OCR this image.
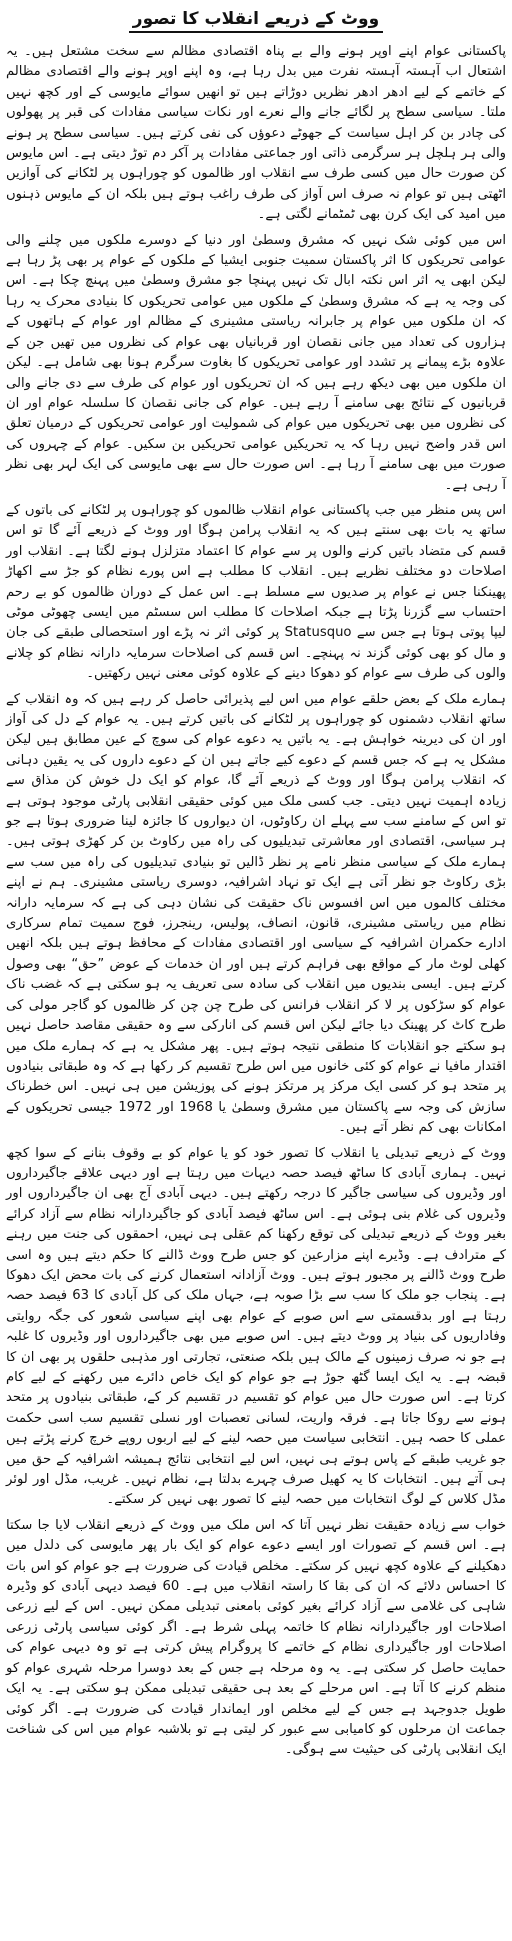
ووٹ کے ذریعے انقلاب کا تصور

پاکستانی عوام اپنے اوپر ہونے والے بے پناہ اقتصادی مظالم سے سخت مشتعل ہیں۔ یہ اشتعال اب آہستہ آہستہ نفرت میں بدل رہا ہے، وہ اپنے اوپر ہونے والے اقتصادی مظالم کے خاتمے کے لیے ادھر ادھر نظریں دوڑاتے ہیں تو انھیں سوائے مایوسی کے اور کچھ نہیں ملتا۔ سیاسی سطح پر لگائے جانے والے نعرے اور نکات سیاسی مفادات کی قبر پر پھولوں کی چادر بن کر اہل سیاست کے جھوٹے دعوؤں کی نفی کرتے ہیں۔ سیاسی سطح پر ہونے والی ہر ہلچل ہر سرگرمی ذاتی اور جماعتی مفادات پر آکر دم توڑ دیتی ہے۔ اس مایوس کن صورت حال میں کسی طرف سے انقلاب اور ظالموں کو چوراہوں پر لٹکانے کی آوازیں اٹھتی ہیں تو عوام نہ صرف اس آواز کی طرف راغب ہوتے ہیں بلکہ ان کے مایوس ذہنوں میں امید کی ایک کرن بھی ٹمٹمانے لگتی ہے۔

اس میں کوئی شک نہیں کہ مشرق وسطیٰ اور دنیا کے دوسرے ملکوں میں چلنے والی عوامی تحریکوں کا اثر پاکستان سمیت جنوبی ایشیا کے ملکوں کے عوام پر بھی پڑ رہا ہے لیکن ابھی یہ اثر اس نکتہ ابال تک نہیں پہنچا جو مشرق وسطیٰ میں پہنچ چکا ہے۔ اس کی وجہ یہ ہے کہ مشرق وسطیٰ کے ملکوں میں عوامی تحریکوں کا بنیادی محرک یہ رہا کہ ان ملکوں میں عوام پر جابرانہ ریاستی مشینری کے مظالم اور عوام کے ہاتھوں کے ہزاروں کی تعداد میں جانی نقصان اور قربانیاں بھی عوام کی نظروں میں تھیں جن کے علاوہ بڑے پیمانے پر تشدد اور عوامی تحریکوں کا بغاوت سرگرم ہونا بھی شامل ہے۔ لیکن ان ملکوں میں بھی دیکھ رہے ہیں کہ ان تحریکوں اور عوام کی طرف سے دی جانے والی قربانیوں کے نتائج بھی سامنے آ رہے ہیں۔ عوام کی جانی نقصان کا سلسلہ عوام اور ان کی نظروں میں بھی تحریکوں میں عوام کی شمولیت اور عوامی تحریکوں کے درمیان تعلق اس قدر واضح نہیں رہا کہ یہ تحریکیں عوامی تحریکیں بن سکیں۔ عوام کے چہروں کی صورت میں بھی سامنے آ رہا ہے۔ اس صورت حال سے بھی مایوسی کی ایک لہر بھی نظر آ رہی ہے۔

اس پس منظر میں جب پاکستانی عوام انقلاب ظالموں کو چوراہوں پر لٹکانے کی باتوں کے ساتھ یہ بات بھی سنتے ہیں کہ یہ انقلاب پرامن ہوگا اور ووٹ کے ذریعے آئے گا تو اس قسم کی متضاد باتیں کرنے والوں پر سے عوام کا اعتماد متزلزل ہونے لگتا ہے۔ انقلاب اور اصلاحات دو مختلف نظریے ہیں۔ انقلاب کا مطلب ہے اس پورے نظام کو جڑ سے اکھاڑ پھینکنا جس نے عوام پر صدیوں سے مسلط ہے۔ اس عمل کے دوران ظالموں کو بے رحم احتساب سے گزرنا پڑتا ہے جبکہ اصلاحات کا مطلب اس سسٹم میں ایسی چھوٹی موٹی لیپا پوتی ہوتا ہے جس سے Statusquo پر کوئی اثر نہ پڑے اور استحصالی طبقے کی جان و مال کو بھی کوئی گزند نہ پہنچے۔ اس قسم کی اصلاحات سرمایہ دارانہ نظام کو چلانے والوں کی طرف سے عوام کو دھوکا دینے کے علاوہ کوئی معنی نہیں رکھتیں۔

ہمارے ملک کے بعض حلقے عوام میں اس لیے پذیرائی حاصل کر رہے ہیں کہ وہ انقلاب کے ساتھ انقلاب دشمنوں کو چوراہوں پر لٹکانے کی باتیں کرتے ہیں۔ یہ عوام کے دل کی آواز اور ان کی دیرینہ خواہش ہے۔ یہ باتیں یہ دعوے عوام کی سوچ کے عین مطابق ہیں لیکن مشکل یہ ہے کہ جس قسم کے دعوے کیے جاتے ہیں ان کے دعوے داروں کی یہ یقین دہانی کہ انقلاب پرامن ہوگا اور ووٹ کے ذریعے آئے گا، عوام کو ایک دل خوش کن مذاق سے زیادہ اہمیت نہیں دیتی۔ جب کسی ملک میں کوئی حقیقی انقلابی پارٹی موجود ہوتی ہے تو اس کے سامنے سب سے پہلے ان رکاوٹوں، ان دیواروں کا جائزہ لینا ضروری ہوتا ہے جو ہر سیاسی، اقتصادی اور معاشرتی تبدیلیوں کی راہ میں رکاوٹ بن کر کھڑی ہوتی ہیں۔ ہمارے ملک کے سیاسی منظر نامے پر نظر ڈالیں تو بنیادی تبدیلیوں کی راہ میں سب سے بڑی رکاوٹ جو نظر آتی ہے ایک تو نہاد اشرافیہ، دوسری ریاستی مشینری۔ ہم نے اپنے مختلف کالموں میں اس افسوس ناک حقیقت کی نشان دہی کی ہے کہ سرمایہ دارانہ نظام میں ریاستی مشینری، قانون، انصاف، پولیس، رینجرز، فوج سمیت تمام سرکاری ادارے حکمران اشرافیہ کے سیاسی اور اقتصادی مفادات کے محافظ ہوتے ہیں بلکہ انھیں کھلی لوٹ مار کے مواقع بھی فراہم کرتے ہیں اور ان خدمات کے عوض ”حق“ بھی وصول کرتے ہیں۔ ایسی بندیوں میں انقلاب کی سادہ سی تعریف یہ ہو سکتی ہے کہ غضب ناک عوام کو سڑکوں پر لا کر انقلاب فرانس کی طرح چن چن کر ظالموں کو گاجر مولی کی طرح کاٹ کر پھینک دیا جائے لیکن اس قسم کی انارکی سے وہ حقیقی مقاصد حاصل نہیں ہو سکتے جو انقلابات کا منطقی نتیجہ ہوتے ہیں۔ پھر مشکل یہ ہے کہ ہمارے ملک میں اقتدار مافیا نے عوام کو کئی خانوں میں اس طرح تقسیم کر رکھا ہے کہ وہ طبقاتی بنیادوں پر متحد ہو کر کسی ایک مرکز پر مرتکز ہونے کی پوزیشن میں ہی نہیں۔ اس خطرناک سازش کی وجہ سے پاکستان میں مشرق وسطیٰ یا 1968 اور 1972 جیسی تحریکوں کے امکانات بھی کم نظر آتے ہیں۔

ووٹ کے ذریعے تبدیلی یا انقلاب کا تصور خود کو یا عوام کو بے وقوف بنانے کے سوا کچھ نہیں۔ ہماری آبادی کا ساٹھ فیصد حصہ دیہات میں رہتا ہے اور دیہی علاقے جاگیرداروں اور وڈیروں کی سیاسی جاگیر کا درجہ رکھتے ہیں۔ دیہی آبادی آج بھی ان جاگیرداروں اور وڈیروں کی غلام بنی ہوئی ہے۔ اس ساٹھ فیصد آبادی کو جاگیردارانہ نظام سے آزاد کرائے بغیر ووٹ کے ذریعے تبدیلی کی توقع رکھنا کم عقلی ہی نہیں، احمقوں کی جنت میں رہنے کے مترادف ہے۔ وڈیرے اپنے مزارعین کو جس طرح ووٹ ڈالنے کا حکم دیتے ہیں وہ اسی طرح ووٹ ڈالنے پر مجبور ہوتے ہیں۔ ووٹ آزادانہ استعمال کرنے کی بات محض ایک دھوکا ہے۔ پنجاب جو ملک کا سب سے بڑا صوبہ ہے، جہاں ملک کی کل آبادی کا 63 فیصد حصہ رہتا ہے اور بدقسمتی سے اس صوبے کے عوام بھی اپنے سیاسی شعور کی جگہ روایتی وفاداریوں کی بنیاد پر ووٹ دیتے ہیں۔ اس صوبے میں بھی جاگیرداروں اور وڈیروں کا غلبہ ہے جو نہ صرف زمینوں کے مالک ہیں بلکہ صنعتی، تجارتی اور مذہبی حلقوں پر بھی ان کا قبضہ ہے۔ یہ ایک ایسا گٹھ جوڑ ہے جو عوام کو ایک خاص دائرے میں رکھنے کے لیے کام کرتا ہے۔ اس صورت حال میں عوام کو تقسیم در تقسیم کر کے، طبقاتی بنیادوں پر متحد ہونے سے روکا جاتا ہے۔ فرقہ واریت، لسانی تعصبات اور نسلی تقسیم سب اسی حکمت عملی کا حصہ ہیں۔ انتخابی سیاست میں حصہ لینے کے لیے اربوں روپے خرچ کرنے پڑتے ہیں جو غریب طبقے کے پاس ہوتے ہی نہیں، اس لیے انتخابی نتائج ہمیشہ اشرافیہ کے حق میں ہی آتے ہیں۔ انتخابات کا یہ کھیل صرف چہرے بدلتا ہے، نظام نہیں۔ غریب، مڈل اور لوئر مڈل کلاس کے لوگ انتخابات میں حصہ لینے کا تصور بھی نہیں کر سکتے۔

خواب سے زیادہ حقیقت نظر نہیں آتا کہ اس ملک میں ووٹ کے ذریعے انقلاب لایا جا سکتا ہے۔ اس قسم کے تصورات اور ایسے دعوے عوام کو ایک بار پھر مایوسی کی دلدل میں دھکیلنے کے علاوہ کچھ نہیں کر سکتے۔ مخلص قیادت کی ضرورت ہے جو عوام کو اس بات کا احساس دلائے کہ ان کی بقا کا راستہ انقلاب میں ہے۔ 60 فیصد دیہی آبادی کو وڈیرہ شاہی کی غلامی سے آزاد کرائے بغیر کوئی بامعنی تبدیلی ممکن نہیں۔ اس کے لیے زرعی اصلاحات اور جاگیردارانہ نظام کا خاتمہ پہلی شرط ہے۔ اگر کوئی سیاسی پارٹی زرعی اصلاحات اور جاگیرداری نظام کے خاتمے کا پروگرام پیش کرتی ہے تو وہ دیہی عوام کی حمایت حاصل کر سکتی ہے۔ یہ وہ مرحلہ ہے جس کے بعد دوسرا مرحلہ شہری عوام کو منظم کرنے کا آتا ہے۔ اس مرحلے کے بعد ہی حقیقی تبدیلی ممکن ہو سکتی ہے۔ یہ ایک طویل جدوجہد ہے جس کے لیے مخلص اور ایماندار قیادت کی ضرورت ہے۔ اگر کوئی جماعت ان مرحلوں کو کامیابی سے عبور کر لیتی ہے تو بلاشبہ عوام میں اس کی شناخت ایک انقلابی پارٹی کی حیثیت سے ہوگی۔
